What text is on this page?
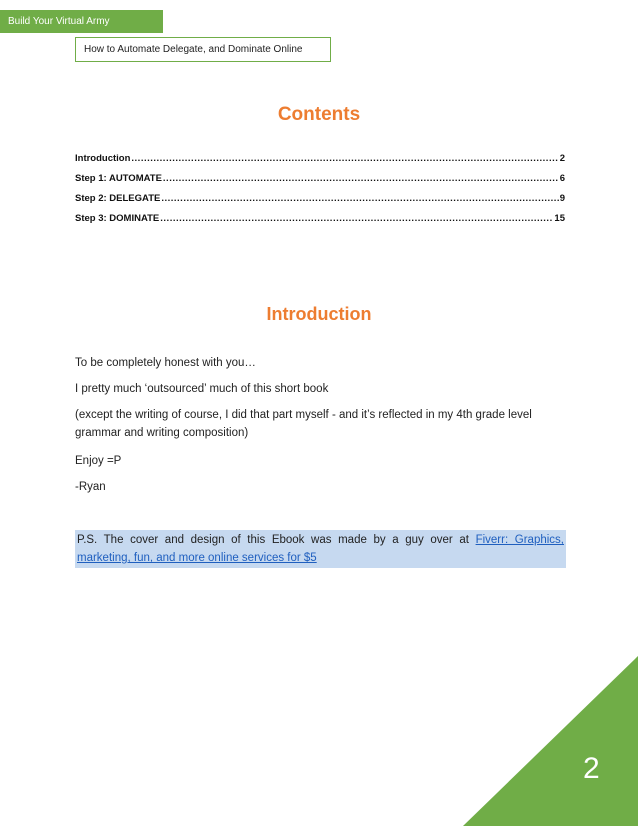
Build Your Virtual Army
How to Automate Delegate, and Dominate Online
Contents
Introduction .....	2
Step 1: AUTOMATE .....	6
Step 2: DELEGATE .....	9
Step 3: DOMINATE .....	15
Introduction

To be completely honest with you…

I pretty much ‘outsourced’ much of this short book

(except the writing of course, I did that part myself - and it’s reflected in my 4th grade level grammar and writing composition)

Enjoy =P

-Ryan

P.S. The cover and design of this Ebook was made by a guy over at Fiverr: Graphics, marketing, fun, and more online services for $5
2
